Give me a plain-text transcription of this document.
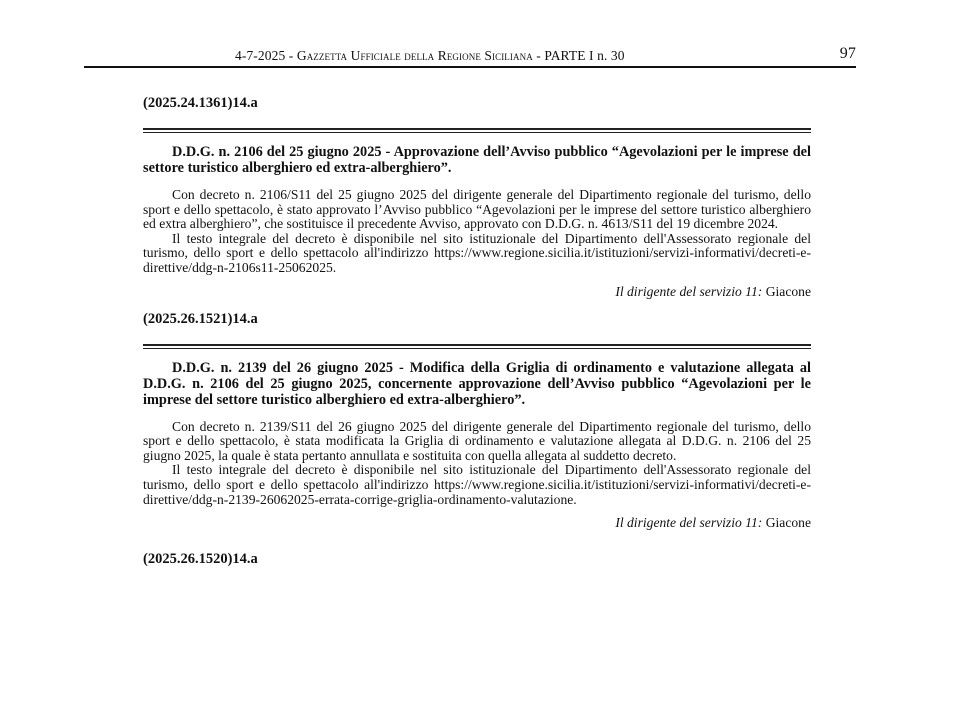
4-7-2025 - Gazzetta Ufficiale della Regione Siciliana - PARTE I n. 30	97
(2025.24.1361)14.a
D.D.G. n. 2106 del 25 giugno 2025 - Approvazione dell’Avviso pubblico “Agevolazioni per le imprese del settore turistico alberghiero ed extra-alberghiero”.

Con decreto n. 2106/S11 del 25 giugno 2025 del dirigente generale del Dipartimento regionale del turismo, dello sport e dello spettacolo, è stato approvato l’Avviso pubblico “Agevolazioni per le imprese del settore turistico alberghiero ed extra alberghiero”, che sostituisce il precedente Avviso, approvato con D.D.G. n. 4613/S11 del 19 dicembre 2024.

Il testo integrale del decreto è disponibile nel sito istituzionale del Dipartimento dell'Assessorato regionale del turismo, dello sport e dello spettacolo all'indirizzo https://www.regione.sicilia.it/istituzioni/servizi-informativi/decreti-e-direttive/ddg-n-2106s11-25062025.

Il dirigente del servizio 11: Giacone
(2025.26.1521)14.a
D.D.G. n. 2139 del 26 giugno 2025 - Modifica della Griglia di ordinamento e valutazione allegata al D.D.G. n. 2106 del 25 giugno 2025, concernente approvazione dell’Avviso pubblico “Agevolazioni per le imprese del settore turistico alberghiero ed extra-alberghiero”.

Con decreto n. 2139/S11 del 26 giugno 2025 del dirigente generale del Dipartimento regionale del turismo, dello sport e dello spettacolo, è stata modificata la Griglia di ordinamento e valutazione allegata al D.D.G. n. 2106 del 25 giugno 2025, la quale è stata pertanto annullata e sostituita con quella allegata al suddetto decreto.

Il testo integrale del decreto è disponibile nel sito istituzionale del Dipartimento dell'Assessorato regionale del turismo, dello sport e dello spettacolo all'indirizzo https://www.regione.sicilia.it/istituzioni/servizi-informativi/decreti-e-direttive/ddg-n-2139-26062025-errata-corrige-griglia-ordinamento-valutazione.

Il dirigente del servizio 11: Giacone
(2025.26.1520)14.a
